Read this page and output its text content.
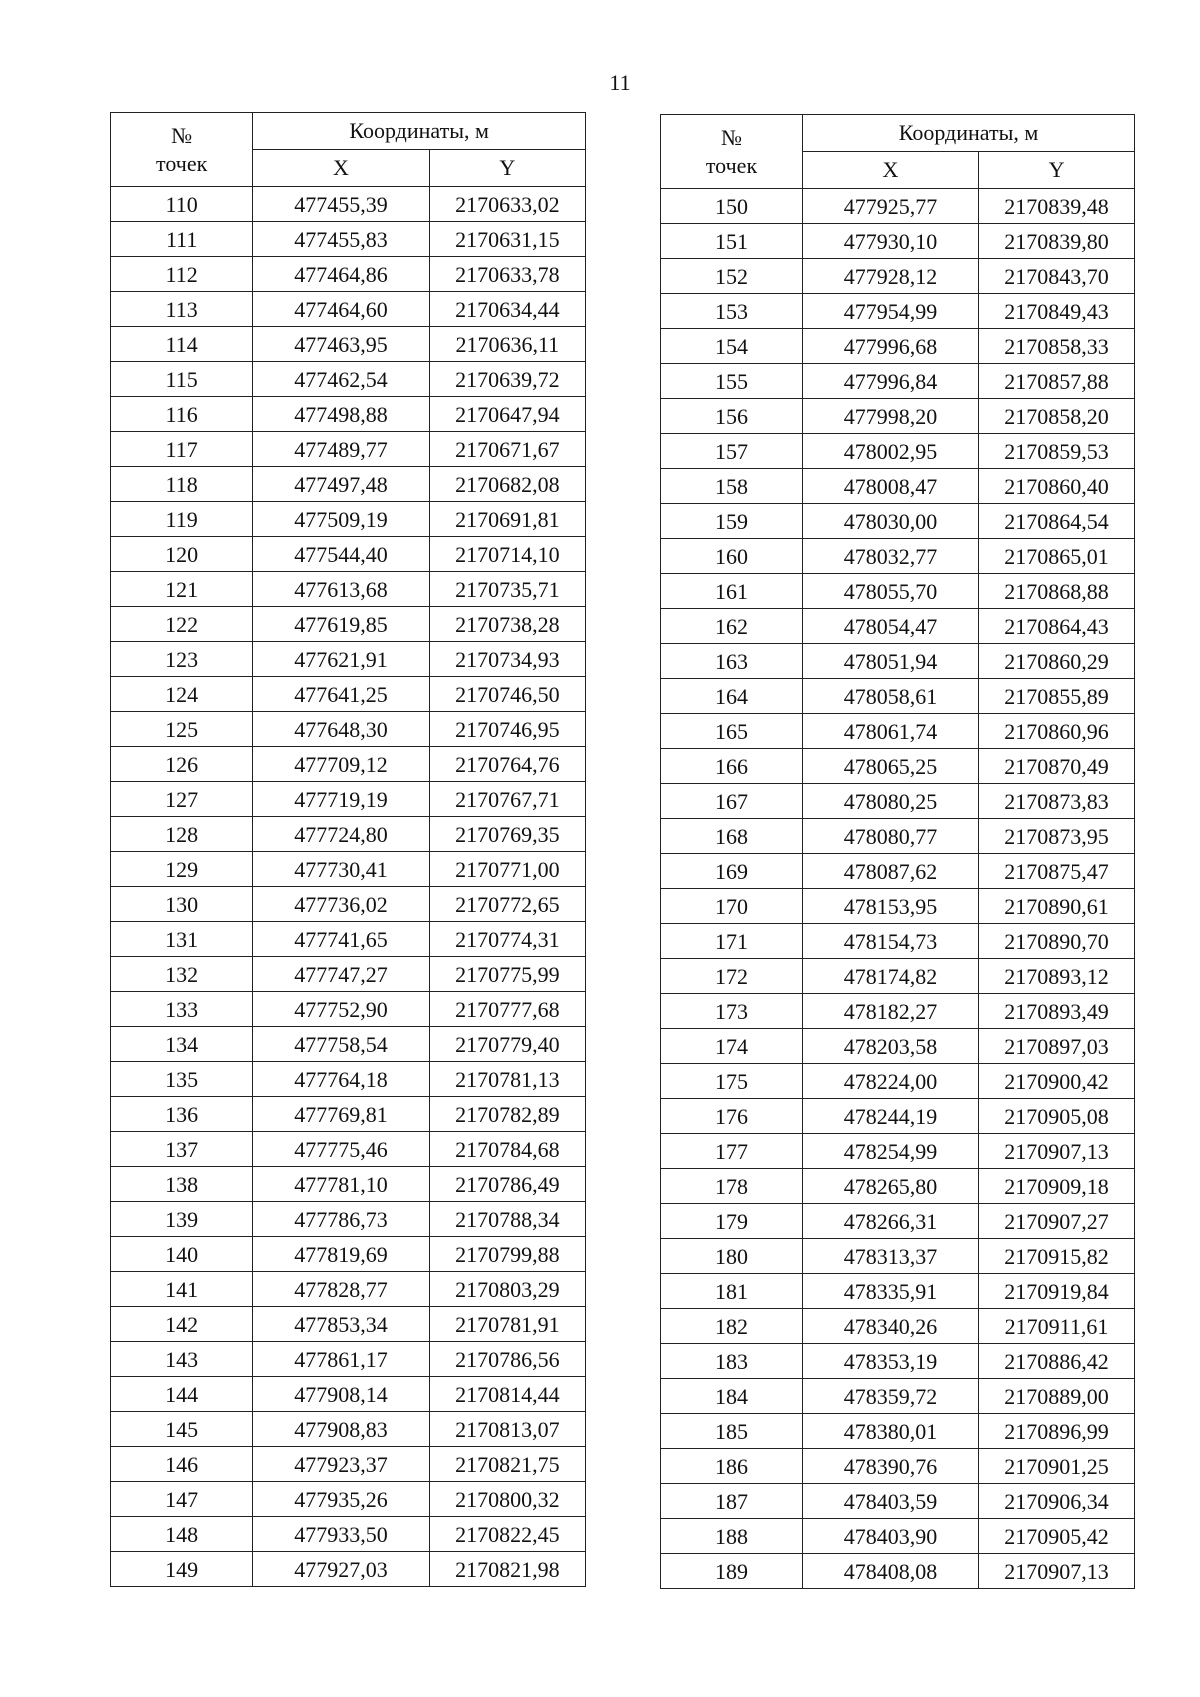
11
№
точек	Координаты, м	
	X	Y
110	477455,39	2170633,02
111	477455,83	2170631,15
112	477464,86	2170633,78
113	477464,60	2170634,44
114	477463,95	2170636,11
115	477462,54	2170639,72
116	477498,88	2170647,94
117	477489,77	2170671,67
118	477497,48	2170682,08
119	477509,19	2170691,81
120	477544,40	2170714,10
121	477613,68	2170735,71
122	477619,85	2170738,28
123	477621,91	2170734,93
124	477641,25	2170746,50
125	477648,30	2170746,95
126	477709,12	2170764,76
127	477719,19	2170767,71
128	477724,80	2170769,35
129	477730,41	2170771,00
130	477736,02	2170772,65
131	477741,65	2170774,31
132	477747,27	2170775,99
133	477752,90	2170777,68
134	477758,54	2170779,40
135	477764,18	2170781,13
136	477769,81	2170782,89
137	477775,46	2170784,68
138	477781,10	2170786,49
139	477786,73	2170788,34
140	477819,69	2170799,88
141	477828,77	2170803,29
142	477853,34	2170781,91
143	477861,17	2170786,56
144	477908,14	2170814,44
145	477908,83	2170813,07
146	477923,37	2170821,75
147	477935,26	2170800,32
148	477933,50	2170822,45
149	477927,03	2170821,98
№
точек	Координаты, м	
	X	Y
150	477925,77	2170839,48
151	477930,10	2170839,80
152	477928,12	2170843,70
153	477954,99	2170849,43
154	477996,68	2170858,33
155	477996,84	2170857,88
156	477998,20	2170858,20
157	478002,95	2170859,53
158	478008,47	2170860,40
159	478030,00	2170864,54
160	478032,77	2170865,01
161	478055,70	2170868,88
162	478054,47	2170864,43
163	478051,94	2170860,29
164	478058,61	2170855,89
165	478061,74	2170860,96
166	478065,25	2170870,49
167	478080,25	2170873,83
168	478080,77	2170873,95
169	478087,62	2170875,47
170	478153,95	2170890,61
171	478154,73	2170890,70
172	478174,82	2170893,12
173	478182,27	2170893,49
174	478203,58	2170897,03
175	478224,00	2170900,42
176	478244,19	2170905,08
177	478254,99	2170907,13
178	478265,80	2170909,18
179	478266,31	2170907,27
180	478313,37	2170915,82
181	478335,91	2170919,84
182	478340,26	2170911,61
183	478353,19	2170886,42
184	478359,72	2170889,00
185	478380,01	2170896,99
186	478390,76	2170901,25
187	478403,59	2170906,34
188	478403,90	2170905,42
189	478408,08	2170907,13
